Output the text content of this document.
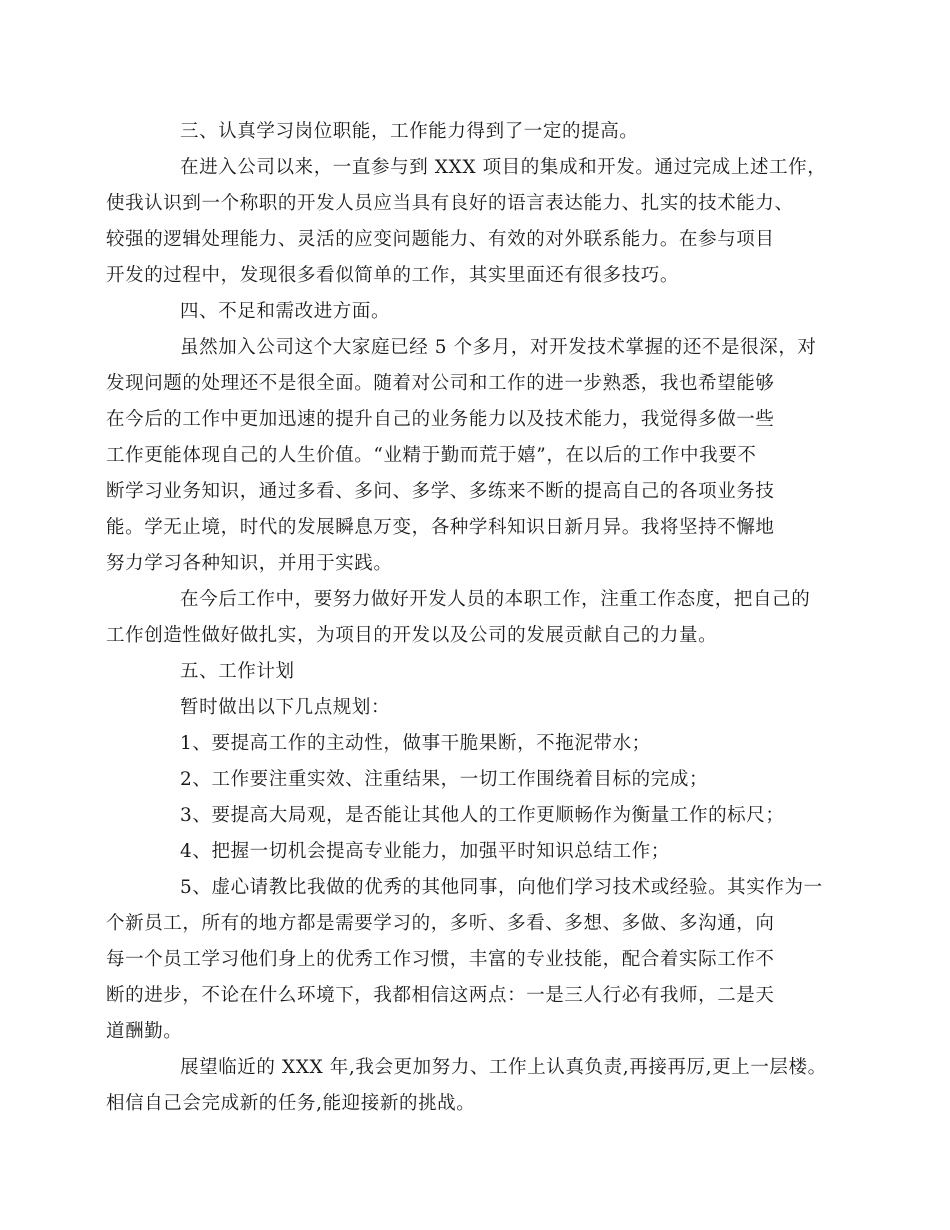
三、认真学习岗位职能，工作能力得到了一定的提高。

在进入公司以来，一直参与到 XXX 项目的集成和开发。通过完成上述工作，
使我认识到一个称职的开发人员应当具有良好的语言表达能力、扎实的技术能力、
较强的逻辑处理能力、灵活的应变问题能力、有效的对外联系能力。在参与项目
开发的过程中，发现很多看似简单的工作，其实里面还有很多技巧。

四、不足和需改进方面。

虽然加入公司这个大家庭已经 5 个多月，对开发技术掌握的还不是很深，对
发现问题的处理还不是很全面。随着对公司和工作的进一步熟悉，我也希望能够
在今后的工作中更加迅速的提升自己的业务能力以及技术能力，我觉得多做一些
工作更能体现自己的人生价值。“业精于勤而荒于嬉”，在以后的工作中我要不
断学习业务知识，通过多看、多问、多学、多练来不断的提高自己的各项业务技
能。学无止境，时代的发展瞬息万变，各种学科知识日新月异。我将坚持不懈地
努力学习各种知识，并用于实践。

在今后工作中，要努力做好开发人员的本职工作，注重工作态度，把自己的
工作创造性做好做扎实，为项目的开发以及公司的发展贡献自己的力量。

五、工作计划

暂时做出以下几点规划：

1、要提高工作的主动性，做事干脆果断，不拖泥带水；

2、工作要注重实效、注重结果，一切工作围绕着目标的完成；

3、要提高大局观，是否能让其他人的工作更顺畅作为衡量工作的标尺；

4、把握一切机会提高专业能力，加强平时知识总结工作；

5、虚心请教比我做的优秀的其他同事，向他们学习技术或经验。其实作为一
个新员工，所有的地方都是需要学习的，多听、多看、多想、多做、多沟通，向
每一个员工学习他们身上的优秀工作习惯，丰富的专业技能，配合着实际工作不
断的进步，不论在什么环境下，我都相信这两点：一是三人行必有我师，二是天
道酬勤。

展望临近的 XXX 年,我会更加努力、工作上认真负责,再接再厉,更上一层楼。
相信自己会完成新的任务,能迎接新的挑战。
